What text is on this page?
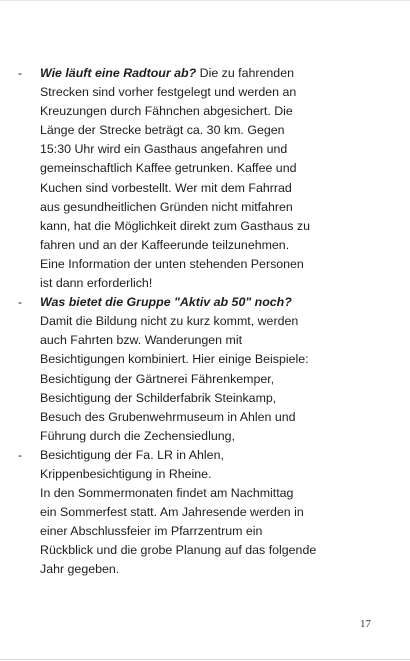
-	Wie läuft eine Radtour ab? Die zu fahrenden
Strecken sind vorher festgelegt und werden an
Kreuzungen durch Fähnchen abgesichert. Die
Länge der Strecke beträgt ca. 30 km. Gegen
15:30 Uhr wird ein Gasthaus angefahren und
gemeinschaftlich Kaffee getrunken. Kaffee und
Kuchen sind vorbestellt. Wer mit dem Fahrrad
aus gesundheitlichen Gründen nicht mitfahren
kann, hat die Möglichkeit direkt zum Gasthaus zu
fahren und an der Kaffeerunde teilzunehmen.
Eine Information der unten stehenden Personen
ist dann erforderlich!
-	Was bietet die Gruppe "Aktiv ab 50" noch?
Damit die Bildung nicht zu kurz kommt, werden
auch Fahrten bzw. Wanderungen mit
Besichtigungen kombiniert. Hier einige Beispiele:
Besichtigung der Gärtnerei Fährenkemper,
Besichtigung der Schilderfabrik Steinkamp,
Besuch des Grubenwehrmuseum in Ahlen und
Führung durch die Zechensiedlung,
-	Besichtigung der Fa. LR in Ahlen,
Krippenbesichtigung in Rheine.
In den Sommermonaten findet am Nachmittag
ein Sommerfest statt. Am Jahresende werden in
einer Abschlussfeier im Pfarrzentrum ein
Rückblick und die grobe Planung auf das folgende
Jahr gegeben.
17
